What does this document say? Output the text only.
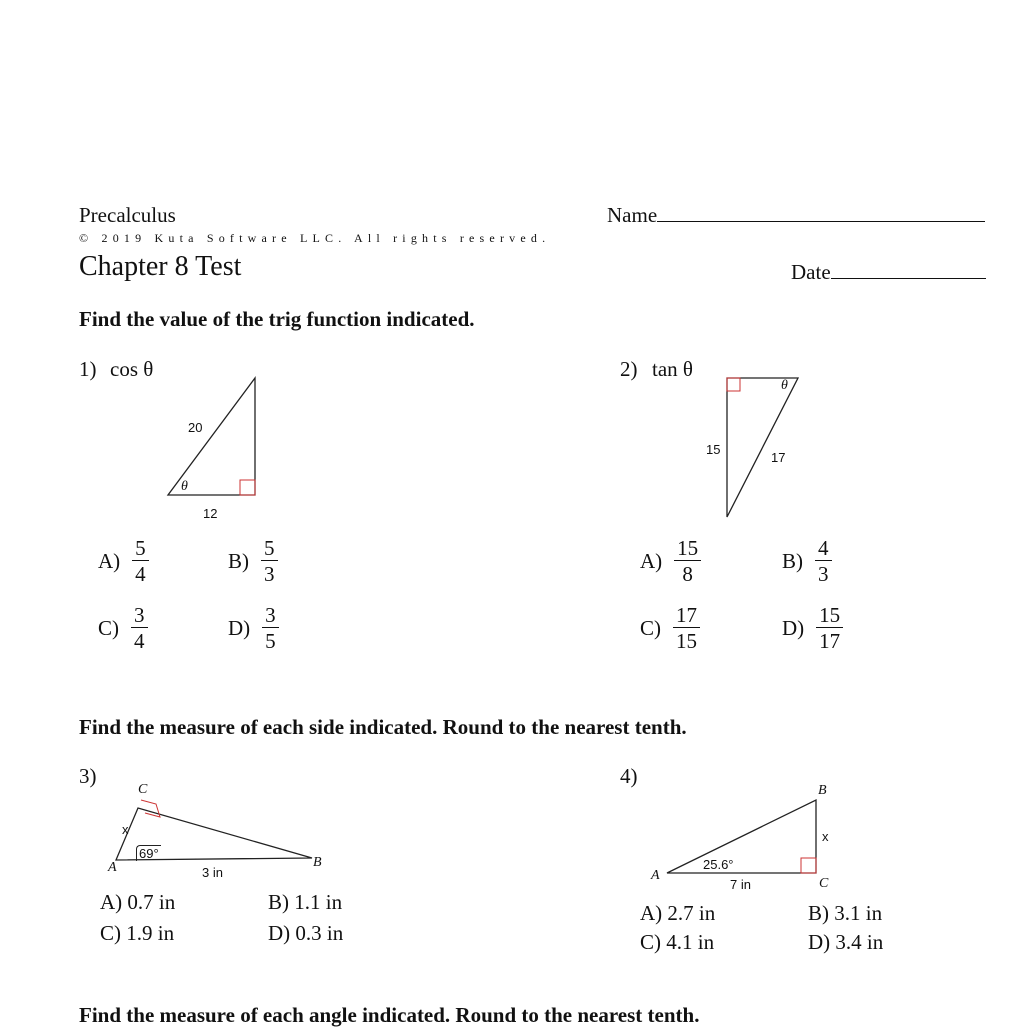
Precalculus	Name
© 2019 Kuta Software LLC. All rights reserved.
Chapter 8 Test	Date
Find the value of the trig function indicated.
1) cos θ	2) tan θ
20
θ
12
θ
15
17
$A) \frac{5}{4}$	$B) \frac{5}{3}$
$C) \frac{3}{4}$	$D) \frac{3}{5}$
$A) \frac{15}{8}$	$B) \frac{4}{3}$
$C) \frac{17}{15}$	$D) \frac{15}{17}$
Find the measure of each side indicated. Round to the nearest tenth.
3)
C
x
69°
A	B
3 in
A) 0.7 in	B) 1.1 in
C) 1.9 in	D) 0.3 in
4)
B
x
25.6°
A
7 in	C
A) 2.7 in	B) 3.1 in
C) 4.1 in	D) 3.4 in
Find the measure of each angle indicated. Round to the nearest tenth.
